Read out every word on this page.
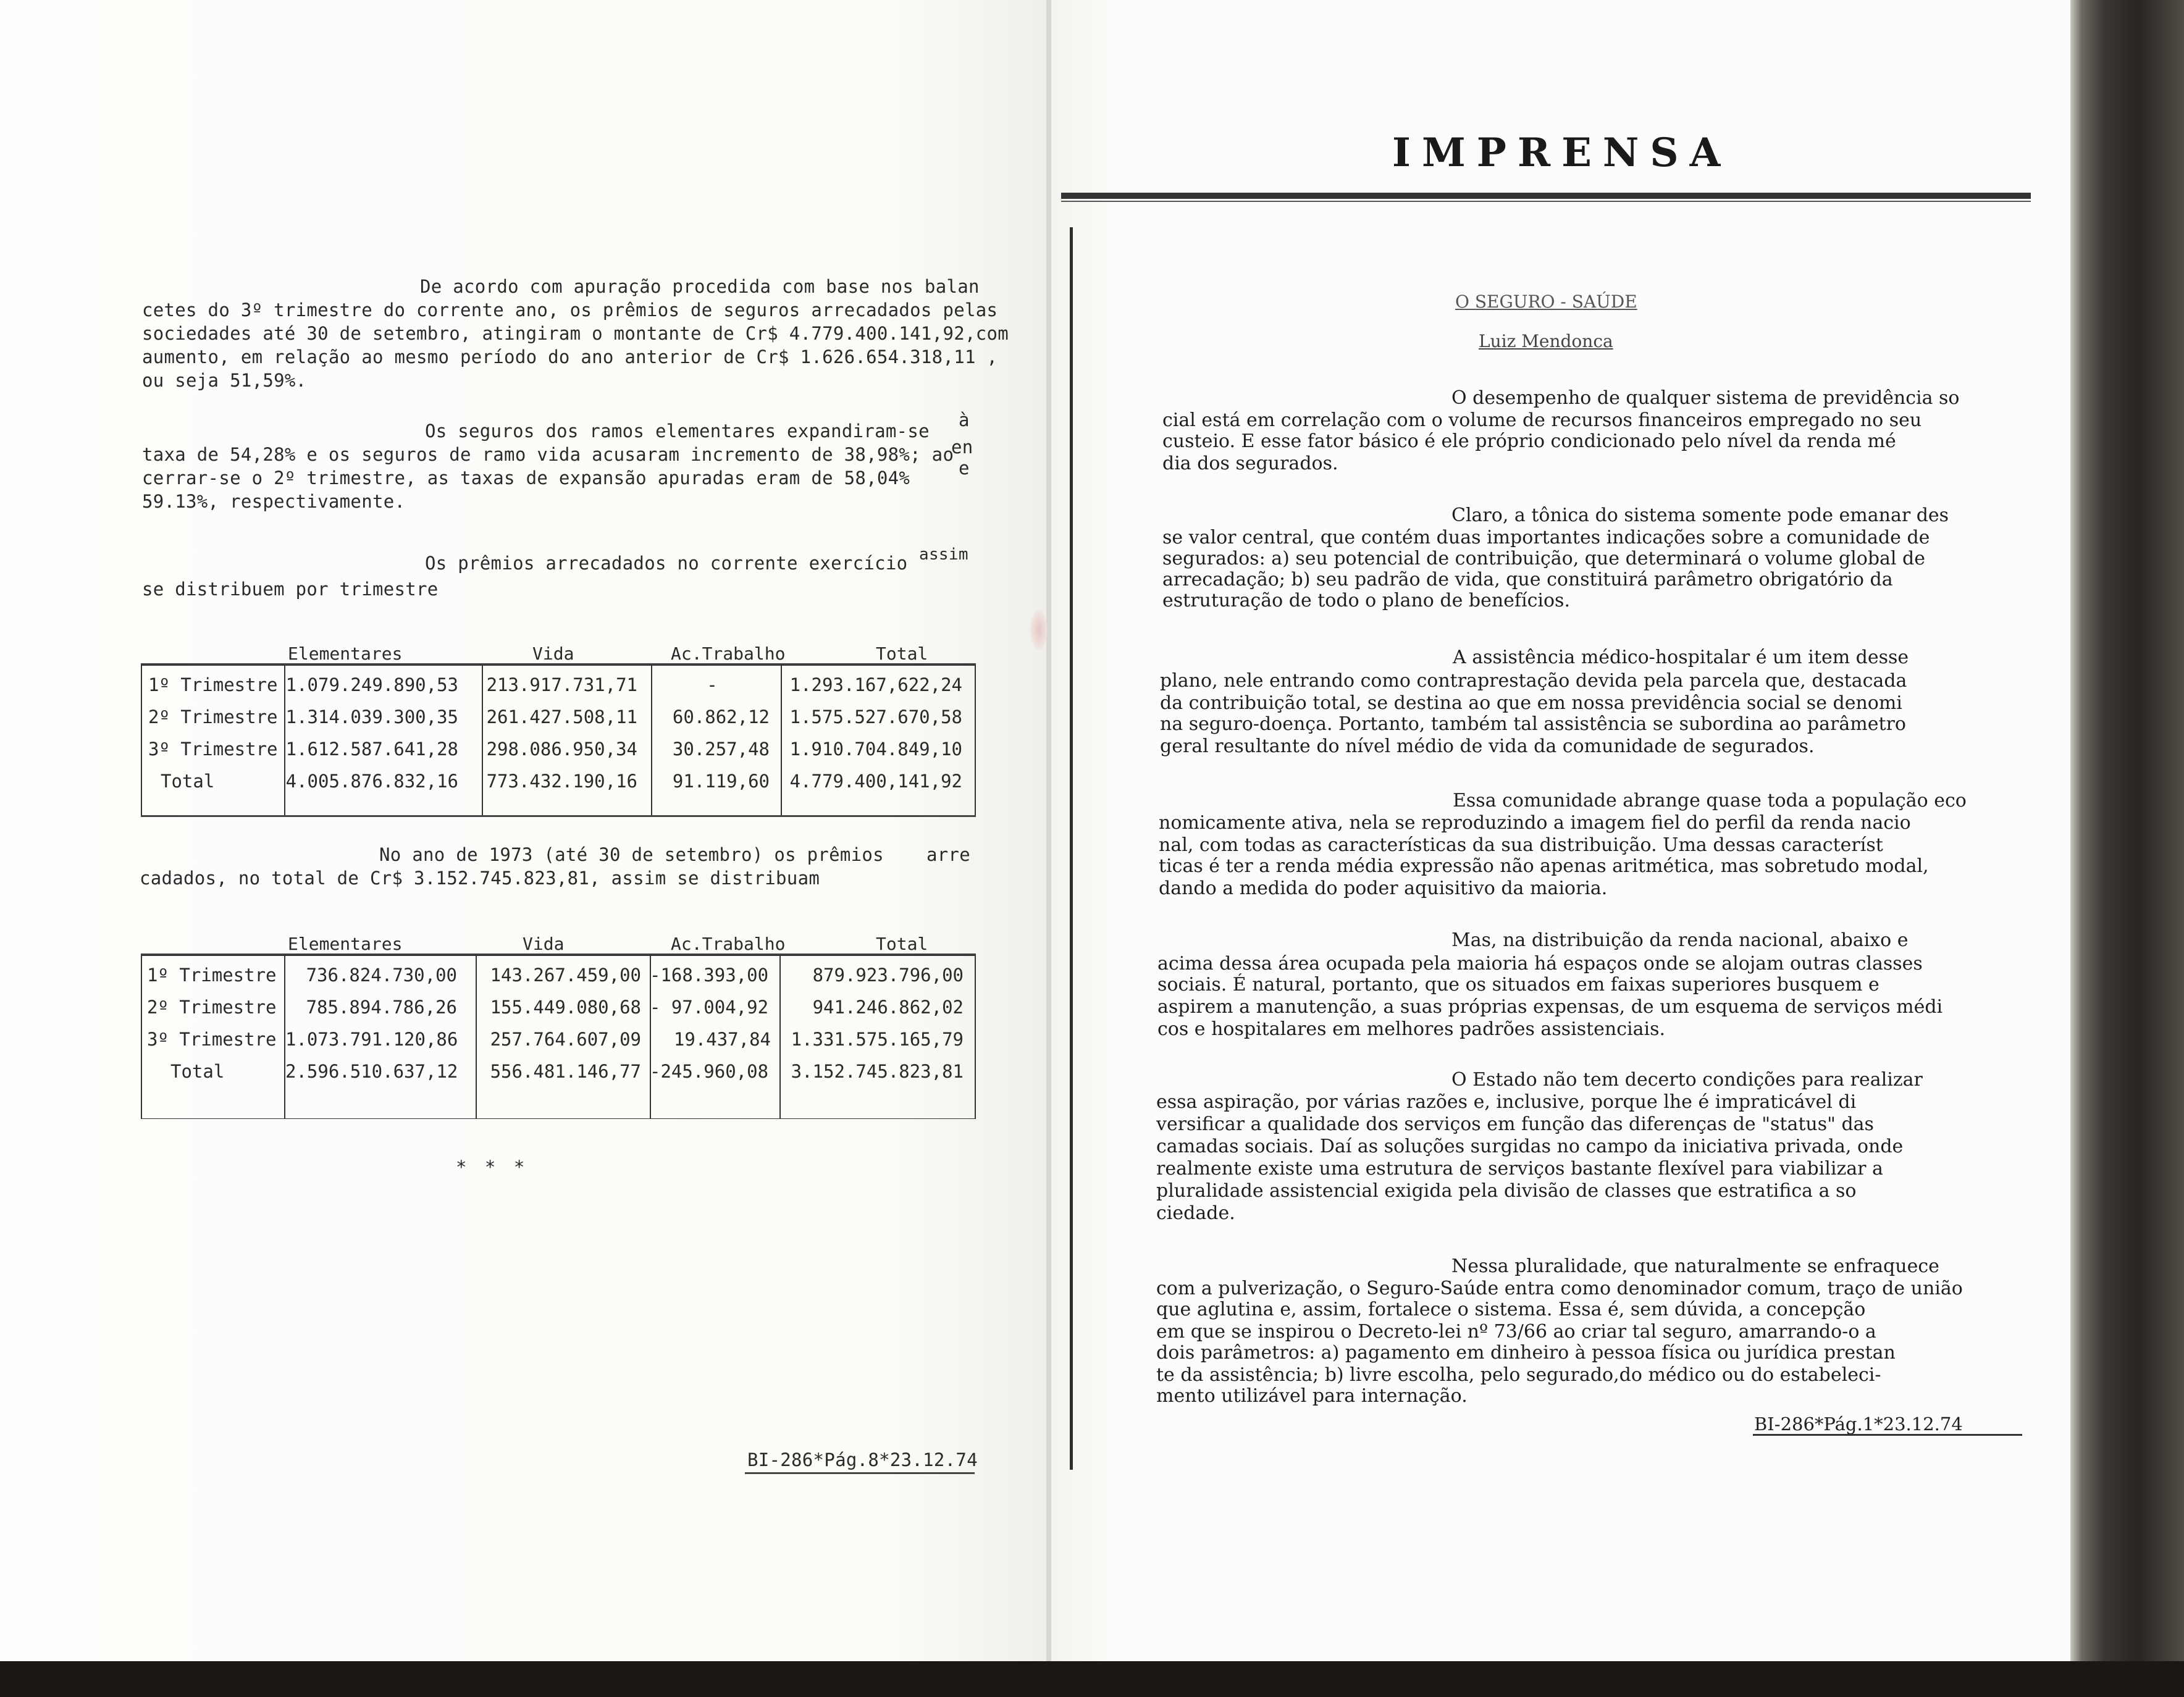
De acordo com apuração procedida com base nos balan
cetes do 3º trimestre do corrente ano, os prêmios de seguros arrecadados pelas
sociedades até 30 de setembro, atingiram o montante de Cr$ 4.779.400.141,92,com
aumento, em relação ao mesmo período do ano anterior de Cr$ 1.626.654.318,11 ,
ou seja 51,59%.
Os seguros dos ramos elementares expandiram-se
taxa de 54,28% e os seguros de ramo vida acusaram incremento de 38,98%; ao
cerrar-se o 2º trimestre, as taxas de expansão apuradas eram de 58,04%
59.13%, respectivamente.
à
en
e
Os prêmios arrecadados no corrente exercício
se distribuem por trimestre
assim
Elementares	Vida	Ac.Trabalho	Total
1º Trimestre 1.079.249.890,53 213.917.731,71	-	1.293.167,622,24
2º Trimestre 1.314.039.300,35 261.427.508,11	60.862,12	1.575.527.670,58
3º Trimestre 1.612.587.641,28 298.086.950,34	30.257,48	1.910.704.849,10
Total	4.005.876.832,16 773.432.190,16	91.119,60	4.779.400,141,92
No ano de 1973 (até 30 de setembro) os prêmios
cadados, no total de Cr$ 3.152.745.823,81, assim se distribuam
arre
Elementares	Vida	Ac.Trabalho	Total
1º Trimestre	736.824.730,00	143.267.459,00 -168.393,00	879.923.796,00
2º Trimestre	785.894.786,26	155.449.080,68 - 97.004,92	941.246.862,02
3º Trimestre 1.073.791.120,86	257.764.607,09	19.437,84	1.331.575.165,79
Total	2.596.510.637,12	556.481.146,77 -245.960,08	3.152.745.823,81
* * *
BI-286*Pág.8*23.12.74
IMPRENSA
O SEGURO - SAÚDE
Luiz Mendonca
O desempenho de qualquer sistema de previdência so
cial está em correlação com o volume de recursos financeiros empregado no seu
custeio. E esse fator básico é ele próprio condicionado pelo nível da renda mé
dia dos segurados.
Claro, a tônica do sistema somente pode emanar des
se valor central, que contém duas importantes indicações sobre a comunidade de
segurados: a) seu potencial de contribuição, que determinará o volume global de
arrecadação; b) seu padrão de vida, que constituirá parâmetro obrigatório da
estruturação de todo o plano de benefícios.
A assistência médico-hospitalar é um item desse
plano, nele entrando como contraprestação devida pela parcela que, destacada
da contribuição total, se destina ao que em nossa previdência social se denomi
na seguro-doença. Portanto, também tal assistência se subordina ao parâmetro
geral resultante do nível médio de vida da comunidade de segurados.
Essa comunidade abrange quase toda a população eco
nomicamente ativa, nela se reproduzindo a imagem fiel do perfil da renda nacio
nal, com todas as características da sua distribuição. Uma dessas característ
ticas é ter a renda média expressão não apenas aritmética, mas sobretudo modal,
dando a medida do poder aquisitivo da maioria.
Mas, na distribuição da renda nacional, abaixo e
acima dessa área ocupada pela maioria há espaços onde se alojam outras classes
sociais. É natural, portanto, que os situados em faixas superiores busquem e
aspirem a manutenção, a suas próprias expensas, de um esquema de serviços médi
cos e hospitalares em melhores padrões assistenciais.
O Estado não tem decerto condições para realizar
essa aspiração, por várias razões e, inclusive, porque lhe é impraticável di
versificar a qualidade dos serviços em função das diferenças de "status" das
camadas sociais. Daí as soluções surgidas no campo da iniciativa privada, onde
realmente existe uma estrutura de serviços bastante flexível para viabilizar a
pluralidade assistencial exigida pela divisão de classes que estratifica a so
ciedade.
Nessa pluralidade, que naturalmente se enfraquece
com a pulverização, o Seguro-Saúde entra como denominador comum, traço de união
que aglutina e, assim, fortalece o sistema. Essa é, sem dúvida, a concepção
em que se inspirou o Decreto-lei nº 73/66 ao criar tal seguro, amarrando-o a
dois parâmetros: a) pagamento em dinheiro à pessoa física ou jurídica prestan
te da assistência; b) livre escolha, pelo segurado,do médico ou do estabeleci-
mento utilizável para internação.
BI-286*Pág.1*23.12.74
